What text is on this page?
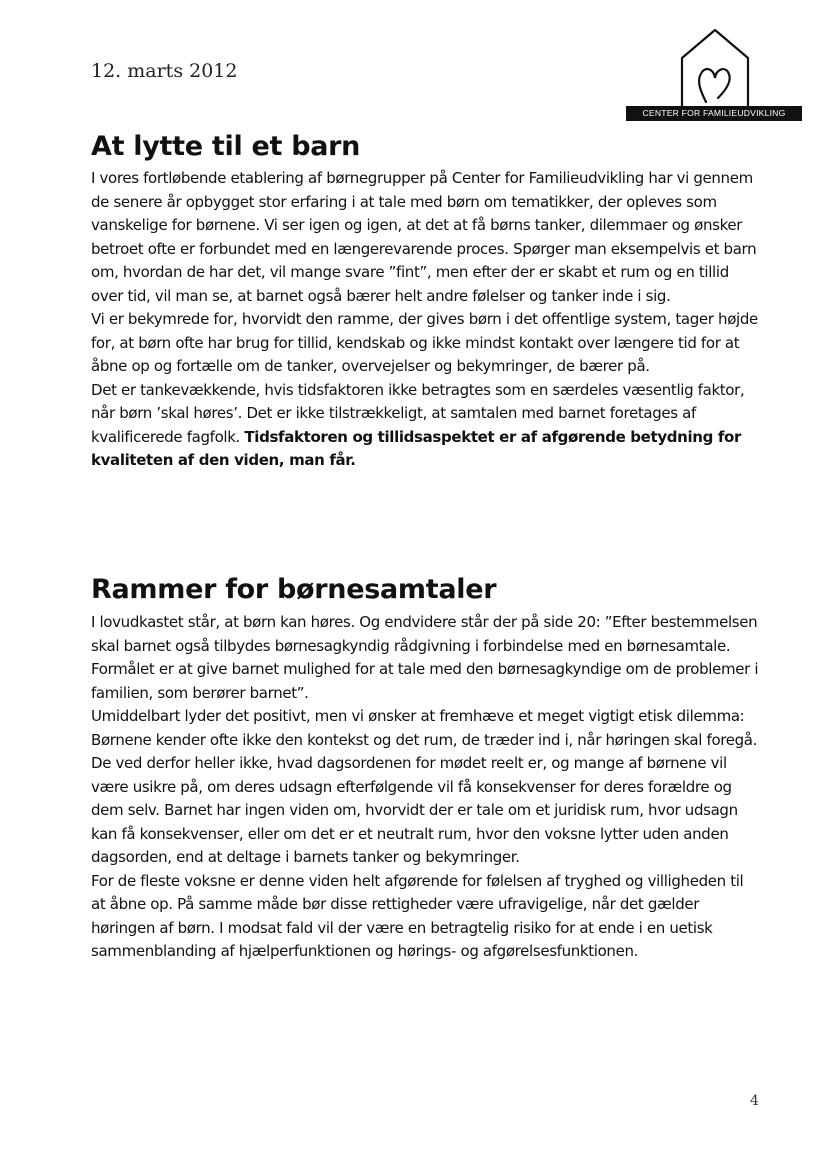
12. marts 2012
CENTER FOR FAMILIEUDVIKLING
At lytte til et barn

I vores fortløbende etablering af børnegrupper på Center for Familieudvikling har vi gennem de senere år opbygget stor erfaring i at tale med børn om tematikker, der opleves som vanskelige for børnene. Vi ser igen og igen, at det at få børns tanker, dilemmaer og ønsker betroet ofte er forbundet med en længerevarende proces. Spørger man eksempelvis et barn om, hvordan de har det, vil mange svare ”fint”, men efter der er skabt et rum og en tillid over tid, vil man se, at barnet også bærer helt andre følelser og tanker inde i sig.

Vi er bekymrede for, hvorvidt den ramme, der gives børn i det offentlige system, tager højde for, at børn ofte har brug for tillid, kendskab og ikke mindst kontakt over længere tid for at åbne op og fortælle om de tanker, overvejelser og bekymringer, de bærer på.

Det er tankevækkende, hvis tidsfaktoren ikke betragtes som en særdeles væsentlig faktor, når børn ’skal høres’. Det er ikke tilstrækkeligt, at samtalen med barnet foretages af kvalificerede fagfolk. Tidsfaktoren og tillidsaspektet er af afgørende betydning for kvaliteten af den viden, man får.

Rammer for børnesamtaler

I lovudkastet står, at børn kan høres. Og endvidere står der på side 20: ”Efter bestemmelsen skal barnet også tilbydes børnesagkyndig rådgivning i forbindelse med en børnesamtale. Formålet er at give barnet mulighed for at tale med den børnesagkyndige om de problemer i familien, som berører barnet”.

Umiddelbart lyder det positivt, men vi ønsker at fremhæve et meget vigtigt etisk dilemma: Børnene kender ofte ikke den kontekst og det rum, de træder ind i, når høringen skal foregå. De ved derfor heller ikke, hvad dagsordenen for mødet reelt er, og mange af børnene vil være usikre på, om deres udsagn efterfølgende vil få konsekvenser for deres forældre og dem selv. Barnet har ingen viden om, hvorvidt der er tale om et juridisk rum, hvor udsagn kan få konsekvenser, eller om det er et neutralt rum, hvor den voksne lytter uden anden dagsorden, end at deltage i barnets tanker og bekymringer.

For de fleste voksne er denne viden helt afgørende for følelsen af tryghed og villigheden til at åbne op. På samme måde bør disse rettigheder være ufravigelige, når det gælder høringen af børn. I modsat fald vil der være en betragtelig risiko for at ende i en uetisk sammenblanding af hjælperfunktionen og hørings- og afgørelsesfunktionen.

4
